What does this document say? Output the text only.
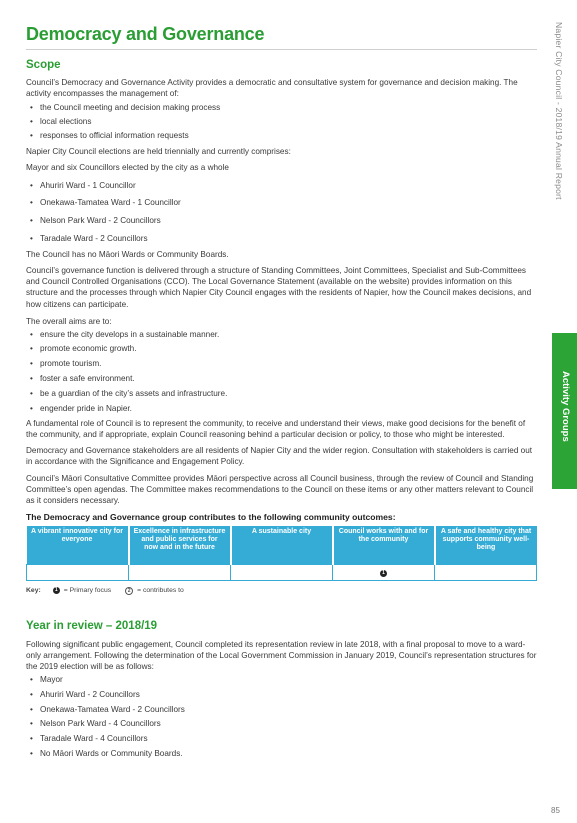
Democracy and Governance	Napier City Council - 2018/19 Annual Report
Activity Groups
Scope

Council’s Democracy and Governance Activity provides a democratic and consultative system for governance and decision making. The activity encompasses the management of:

• the Council meeting and decision making process
• local elections
• responses to official information requests

Napier City Council elections are held triennially and currently comprises:

Mayor and six Councillors elected by the city as a whole

• Ahuriri Ward - 1 Councillor
• Onekawa-Tamatea Ward - 1 Councillor
• Nelson Park Ward - 2 Councillors
• Taradale Ward - 2 Councillors

The Council has no Māori Wards or Community Boards.

Council’s governance function is delivered through a structure of Standing Committees, Joint Committees, Specialist and Sub-Committees and Council Controlled Organisations (CCO). The Local Governance Statement (available on the website) provides information on this structure and the processes through which Napier City Council engages with the residents of Napier, how the Council makes decisions, and how citizens can participate.

The overall aims are to:

• ensure the city develops in a sustainable manner.
• promote economic growth.
• promote tourism.
• foster a safe environment.
• be a guardian of the city’s assets and infrastructure.
• engender pride in Napier.

A fundamental role of Council is to represent the community, to receive and understand their views, make good decisions for the benefit of the community, and if appropriate, explain Council reasoning behind a particular decision or policy, to those who might be interested.

Democracy and Governance stakeholders are all residents of Napier City and the wider region. Consultation with stakeholders is carried out in accordance with the Significance and Engagement Policy.

Council’s Māori Consultative Committee provides Māori perspective across all Council business, through the review of Council and Standing Committee’s open agendas. The Committee makes recommendations to the Council on these items or any other matters relevant to Council as it considers necessary.

The Democracy and Governance group contributes to the following community outcomes:

A vibrant innovative city for everyone	Excellence in infrastructure and public services for now and in the future	A sustainable city	Council works with and for the community	A safe and healthy city that supports community well-being
			1	
Key:	1 = Primary focus	2 = contributes to
Year in review – 2018/19

Following significant public engagement, Council completed its representation review in late 2018, with a final proposal to move to a ward-only arrangement. Following the determination of the Local Government Commission in January 2019, Council’s representation structures for the 2019 election will be as follows:

• Mayor
• Ahuriri Ward - 2 Councillors
• Onekawa-Tamatea Ward - 2 Councillors
• Nelson Park Ward - 4 Councillors
• Taradale Ward - 4 Councillors
• No Māori Wards or Community Boards.
85
